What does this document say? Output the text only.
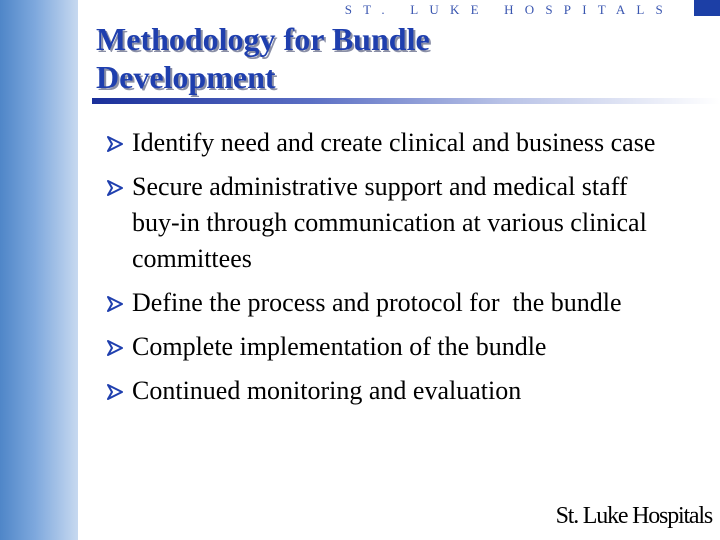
ST. LUKE HOSPITALS
Methodology for Bundle Development
Identify need and create clinical and business case
Secure administrative support and medical staff buy-in through communication at various clinical committees
Define the process and protocol for  the bundle
Complete implementation of the bundle
Continued monitoring and evaluation
St. Luke Hospitals
